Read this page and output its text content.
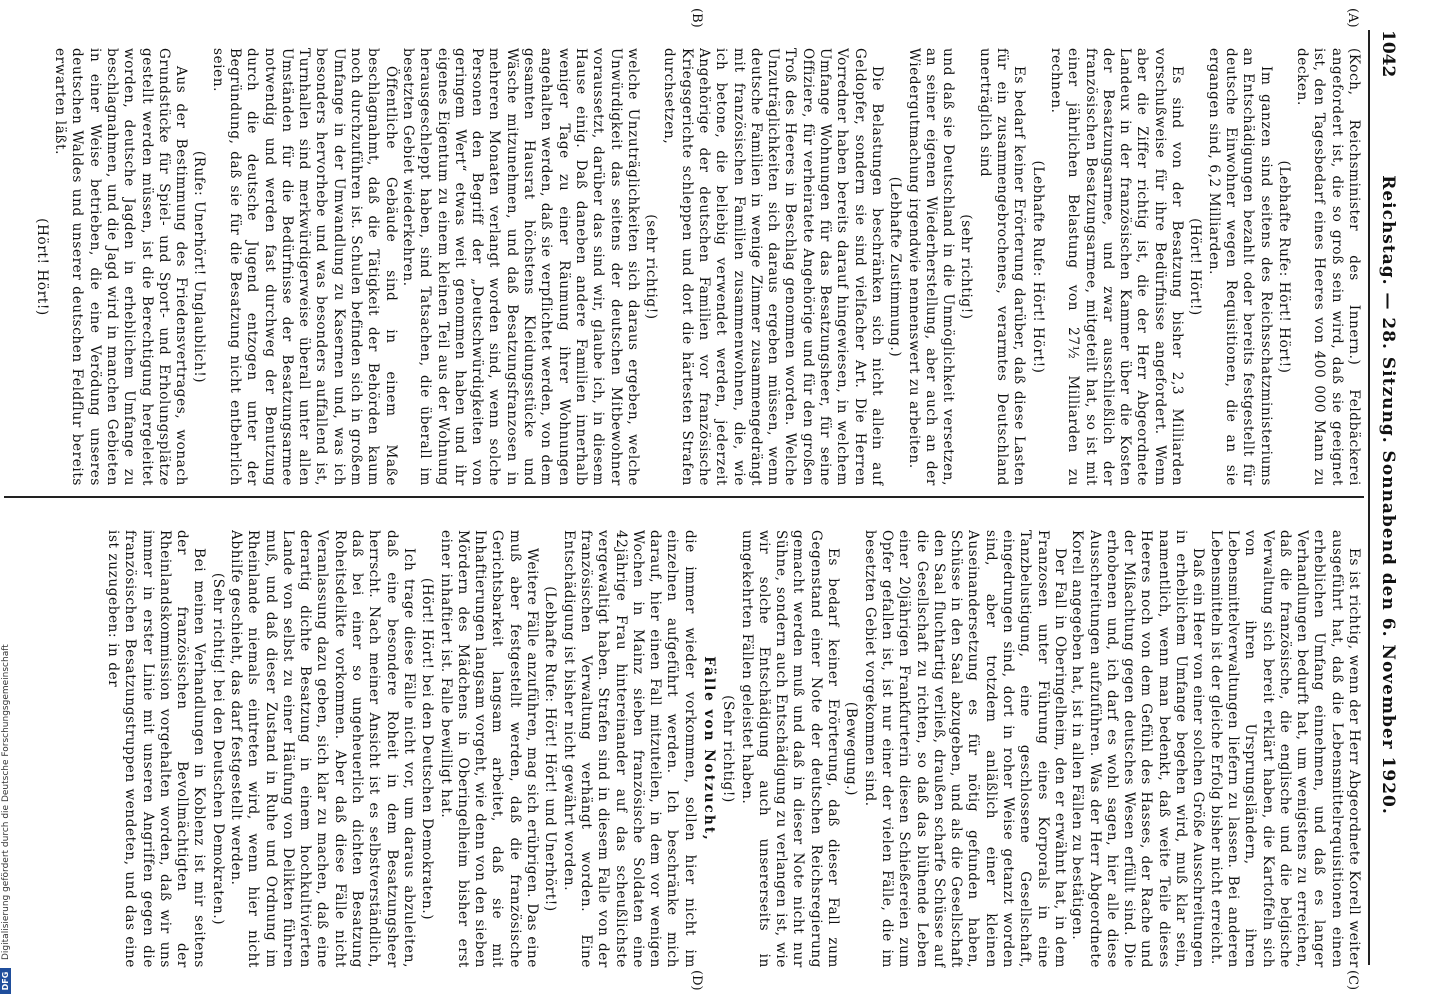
1042
Reichstag. — 28. Sitzung. Sonnabend den 6. November 1920.
(A)
(B)
(C)
(D)

(Koch, Reichsminister des Innern.) Feldbäckerei angefordert ist, die so groß sein wird, daß sie geeignet ist, den Tagesbedarf eines Heeres von 400 000 Mann zu decken.

(Lebhafte Rufe: Hört! Hört!)

Im ganzen sind seitens des Reichsschatzministeriums an Entschädigungen bezahlt oder bereits festgestellt für deutsche Einwohner wegen Requisitionen, die an sie ergangen sind, 6,2 Milliarden.

(Hört! Hört!)

Es sind von der Besatzung bisher 2,3 Milliarden vorschußweise für ihre Bedürfnisse angefordert. Wenn aber die Ziffer richtig ist, die der Herr Abgeordnete Landeux in der französischen Kammer über die Kosten der Besatzungsarmee, und zwar ausschließlich der französischen Besatzungsarmee, mitgeteilt hat, so ist mit einer jährlichen Belastung von 27½ Milliarden zu rechnen.

(Lebhafte Rufe: Hört! Hört!)

Es bedarf keiner Erörterung darüber, daß diese Lasten für ein zusammengebrochenes, verarmtes Deutschland unerträglich sind

(sehr richtig!)

und daß sie Deutschland in die Unmöglichkeit versetzen, an seiner eigenen Wiederherstellung, aber auch an der Wiedergutmachung irgendwie nennenswert zu arbeiten.

(Lebhafte Zustimmung.)

Die Belastungen beschränken sich nicht allein auf Geldopfer, sondern sie sind vielfacher Art. Die Herren Vorredner haben bereits darauf hingewiesen, in welchem Umfange Wohnungen für das Besatzungsheer, für seine Offiziere, für verheiratete Angehörige und für den großen Troß des Heeres in Beschlag genommen worden. Welche Unzuträglichkeiten sich daraus ergeben müssen, wenn deutsche Familien in wenige Zimmer zusammengedrängt mit französischen Familien zusammenwohnen, die, wie ich betone, die beliebig verwendet werden, jederzeit Angehörige der deutschen Familien vor französische Kriegsgerichte schleppen und dort die härtesten Strafen durchsetzen,

(sehr richtig!)

welche Unzuträglichkeiten sich daraus ergeben, welche Unwürdigkeit das seitens der deutschen Mitbewohner voraussetzt, darüber das sind wir, glaube ich, in diesem Hause einig. Daß daneben andere Familien innerhalb weniger Tage zu einer Räumung ihrer Wohnungen angehalten werden, daß sie verpflichtet werden, von dem gesamten Hausrat höchstens Kleidungsstücke und Wäsche mitzunehmen, und daß Besatzungsfranzosen in mehreren Monaten verlangt worden sind, wenn solche Personen den Begriff der „Deutschwürdigkeiten von geringem Wert“ etwas weit genommen haben und ihr eigenes Eigentum zu einem kleinen Teil aus der Wohnung herausgeschleppt haben, sind Tatsachen, die überall im besetzten Gebiet wiederkehren.

Öffentliche Gebäude sind in einem Maße beschlagnahmt, daß die Tätigkeit der Behörden kaum noch durchzuführen ist. Schulen befinden sich in großem Umfange in der Umwandlung zu Kasernen und, was ich besonders hervorhebe und was besonders auffallend ist, Turnhallen sind merkwürdigerweise überall unter allen Umständen für die Bedürfnisse der Besatzungsarmee notwendig und werden fast durchweg der Benutzung durch die deutsche Jugend entzogen unter der Begründung, daß sie für die Besatzung nicht entbehrlich seien.

(Rufe: Unerhört! Unglaublich!)

Aus der Bestimmung des Friedensvertrages, wonach Grundstücke für Spiel- und Sport- und Erholungsplätze gestellt werden müssen, ist die Berechtigung hergeleitet worden, deutsche Jagden in erheblichem Umfange zu beschlagnahmen, und die Jagd wird in manchen Gebieten in einer Weise betrieben, die eine Verödung unseres deutschen Waldes und unserer deutschen Feldflur bereits erwarten läßt.

(Hört! Hört!)

Es ist richtig, wenn der Herr Abgeordnete Korell weiter ausgeführt hat, daß die Lebensmittelrequisitionen einen erheblichen Umfang einnehmen, und daß es langer Verhandlungen bedurft hat, um wenigstens zu erreichen, daß die französische, die englische und die belgische Verwaltung sich bereit erklärt haben, die Kartoffeln sich von ihren Ursprungsländern, ihren Lebensmittelverwaltungen liefern zu lassen. Bei anderen Lebensmitteln ist der gleiche Erfolg bisher nicht erreicht.

Daß ein Heer von einer solchen Größe Ausschreitungen in erheblichem Umfange begehen wird, muß klar sein, namentlich, wenn man bedenkt, daß weite Teile dieses Heeres noch von dem Gefühl des Hasses, der Rache und der Mißachtung gegen deutsches Wesen erfüllt sind. Die erhobenen und, ich darf es wohl sagen, hier alle diese Ausschreitungen aufzuführen. Was der Herr Abgeordnete Korell angegeben hat, ist in allen Fällen zu bestätigen.

Der Fall in Oberingelheim, den er erwähnt hat, in dem Franzosen unter Führung eines Korporals in eine Tanzbelustigung, eine geschlossene Gesellschaft, eingedrungen sind, dort in roher Weise getanzt worden sind, aber trotzdem anläßlich einer kleinen Auseinandersetzung es für nötig gefunden haben, Schüsse in den Saal abzugeben, und als die Gesellschaft den Saal fluchtartig verließ, draußen scharfe Schüsse auf die Gesellschaft zu richten, so daß das blühende Leben einer 20jährigen Frankfurterin diesen Schießereien zum Opfer gefallen ist, ist nur einer der vielen Fälle, die im besetzten Gebiet vorgekommen sind.

(Bewegung.)

Es bedarf keiner Erörterung, daß dieser Fall zum Gegenstand einer Note der deutschen Reichsregierung gemacht werden muß und daß in dieser Note nicht nur Sühne, sondern auch Entschädigung zu verlangen ist, wie wir solche Entschädigung auch unsererseits in umgekehrten Fällen geleistet haben.

(Sehr richtig!)

Fälle von Notzucht,

die immer wieder vorkommen, sollen hier nicht im einzelnen aufgeführt werden. Ich beschränke mich darauf, hier einen Fall mitzuteilen, in dem vor wenigen Wochen in Mainz sieben französische Soldaten eine 42jährige Frau hintereinander auf das scheußlichste vergewaltigt haben. Strafen sind in diesem Falle von der französischen Verwaltung verhängt worden. Eine Entschädigung ist bisher nicht gewährt worden.

(Lebhafte Rufe: Hört! Hört! und Unerhört!)

Weitere Fälle anzuführen, mag sich erübrigen. Das eine muß aber festgestellt werden, daß die französische Gerichtsbarkeit langsam arbeitet, daß sie mit Inhaftierungen langsam vorgeht, wie denn von den sieben Mördern des Mädchens in Oberingelheim bisher erst einer inhaftiert ist. Falle bewilligt hat.

(Hört! Hört! bei den Deutschen Demokraten.)

Ich trage diese Fälle nicht vor, um daraus abzuleiten, daß eine besondere Roheit in dem Besatzungsheer herrscht. Nach meiner Ansicht ist es selbstverständlich, daß bei einer so ungeheuerlich dichten Besatzung Roheitsdelikte vorkommen. Aber daß diese Fälle nicht Veranlassung dazu geben, sich klar zu machen, daß eine derartig dichte Besatzung in einem hochkultivierten Lande von selbst zu einer Häufung von Delikten führen muß, und daß dieser Zustand in Ruhe und Ordnung im Rheinlande niemals eintreten wird, wenn hier nicht Abhilfe geschieht, das darf festgestellt werden.

(Sehr richtig! bei den Deutschen Demokraten.)

Bei meinen Verhandlungen in Koblenz ist mir seitens der französischen Bevollmächtigten der Rheinlandskommission vorgehalten worden, daß wir uns immer in erster Linie mit unseren Angriffen gegen die französischen Besatzungstruppen wendeten, und das eine ist zuzugeben: in der

DFG
Digitalisierung gefördert durch die Deutsche Forschungsgemeinschaft
